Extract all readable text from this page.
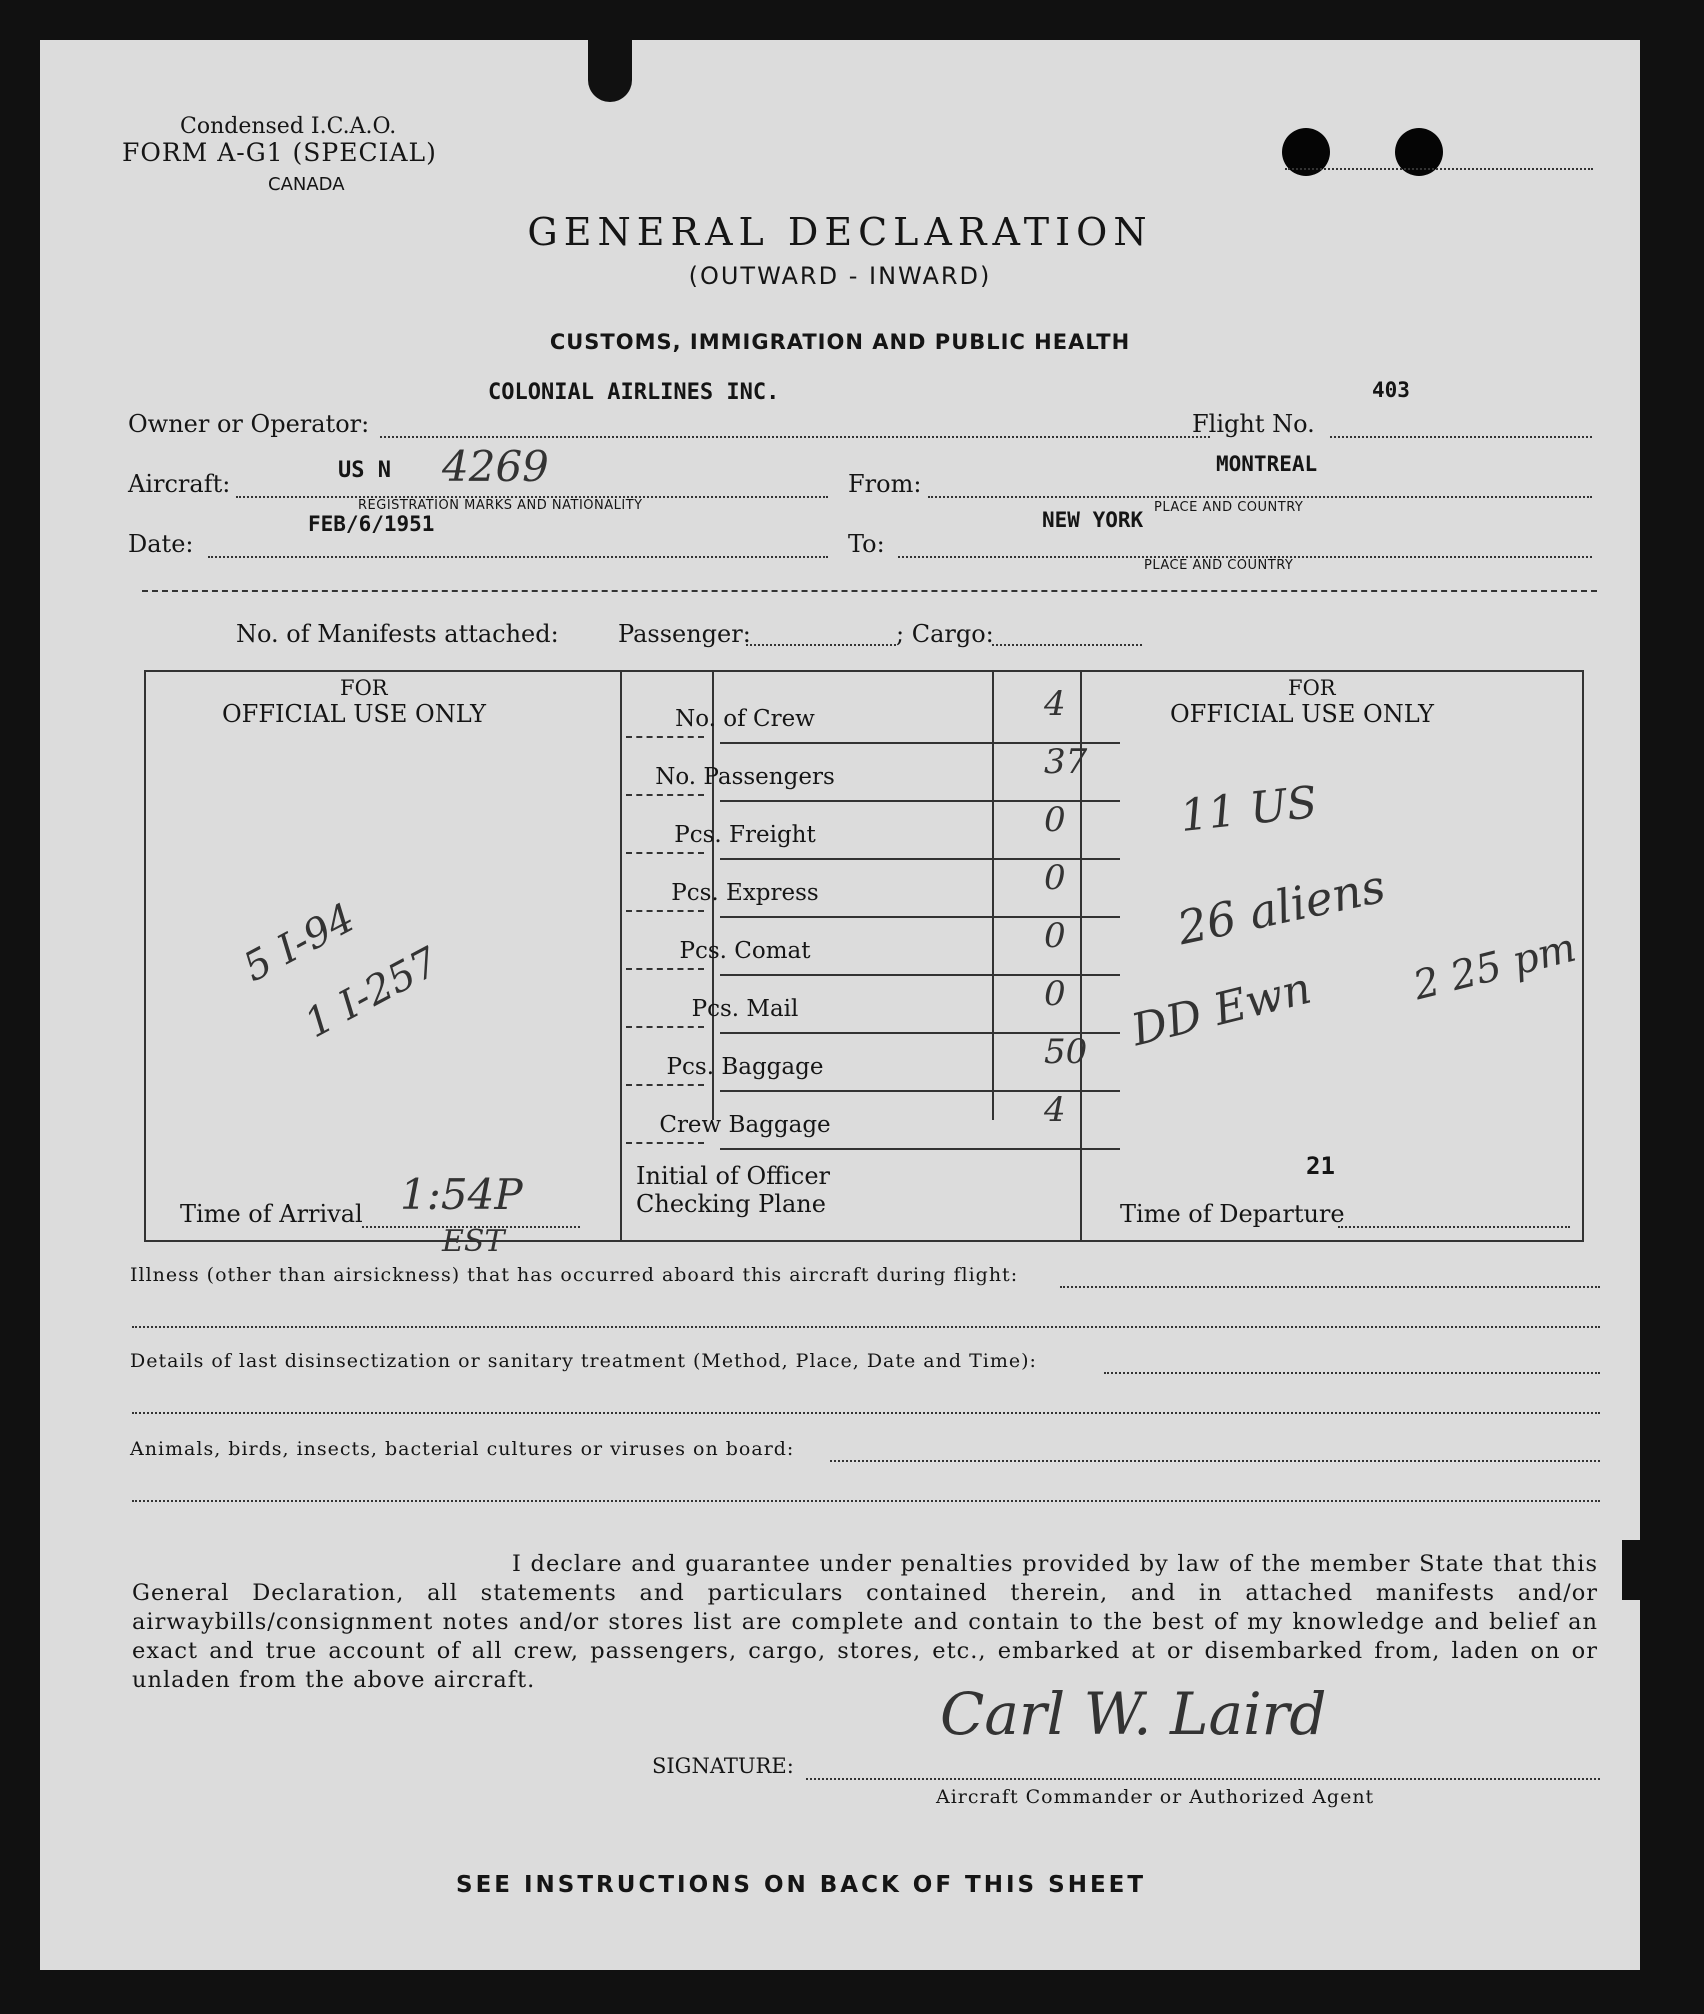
Condensed I.C.A.O.
FORM A-G1 (SPECIAL)
CANADA
GENERAL DECLARATION
(OUTWARD - INWARD)
CUSTOMS, IMMIGRATION AND PUBLIC HEALTH
Owner or Operator:
COLONIAL AIRLINES INC.
Flight No.
403
Aircraft:	US N 4269
REGISTRATION MARKS AND NATIONALITY
From:
MONTREAL
PLACE AND COUNTRY
Date:
FEB/6/1951
To:
NEW YORK
PLACE AND COUNTRY
No. of Manifests attached: Passenger:	; Cargo:
FOR
OFFICIAL USE ONLY
5 I-94
1 I-257
Time of Arrival 1:54P
EST
No. of Crew	4
No. Passengers	37
Pcs. Freight	0
Pcs. Express	0
Pcs. Comat	0
Pcs. Mail	0
Pcs. Baggage	50
Crew Baggage	4
Initial of Officer
Checking Plane
FOR
OFFICIAL USE ONLY
11 US
26 aliens
DD Ewn 2 25 pm
21
Time of Departure
Illness (other than airsickness) that has occurred aboard this aircraft during flight:
Details of last disinsectization or sanitary treatment (Method, Place, Date and Time):
Animals, birds, insects, bacterial cultures or viruses on board:
I declare and guarantee under penalties provided by law of the member State that this General Declaration, all statements and particulars contained therein, and in attached manifests and/or airwaybills/consignment notes and/or stores list are complete and contain to the best of my knowledge and belief an exact and true account of all crew, passengers, cargo, stores, etc., embarked at or disembarked from, laden on or unladen from the above aircraft.
SIGNATURE:
Carl W. Laird
Aircraft Commander or Authorized Agent
SEE INSTRUCTIONS ON BACK OF THIS SHEET
